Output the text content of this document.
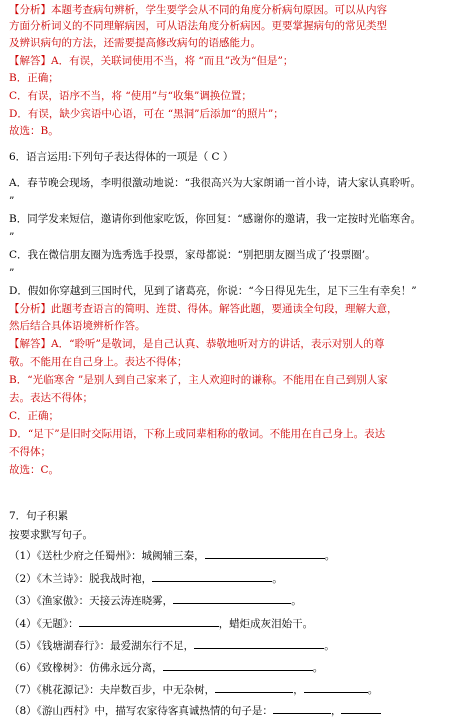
【分析】本题考查病句辨析，学生要学会从不同的角度分析病句原因。可以从内容
方面分析词义的不同理解病因，可从语法角度分析病因。更要掌握病句的常见类型
及辨识病句的方法，还需要提高修改病句的语感能力。
【解答】A．有误，关联词使用不当，将 “而且”改为“但是”；
B．正确；
C．有误，语序不当，将 “使用”与“收集”调换位置；
D．有误，缺少宾语中心语，可在 “黑洞”后添加“的照片”；
故选：B。
6．语言运用:下列句子表达得体的一项是（ C ）
A．春节晚会现场，李明很激动地说：“我很高兴为大家朗诵一首小诗，请大家认真聆听。
”
B．同学发来短信，邀请你到他家吃饭，你回复：“感谢你的邀请，我一定按时光临寒舍。
”
C．我在微信朋友圈为选秀选手投票，家母都说：“别把朋友圈当成了‘投票圈’。
”
D．假如你穿越到三国时代，见到了诸葛亮，你说：“今日得见先生，足下三生有幸矣！”
【分析】此题考查语言的简明、连贯、得体。解答此题，要通读全句段，理解大意，
然后结合具体语境辨析作答。
【解答】A．“聆听”是敬词，是自己认真、恭敬地听对方的讲话，表示对别人的尊
敬。不能用在自己身上。表达不得体；
B．“光临寒舍 ”是别人到自己家来了，主人欢迎时的谦称。不能用在自己到别人家
去。表达不得体；
C．正确；
D．“足下”是旧时交际用语，下称上或同辈相称的敬词。不能用在自己身上。表达
不得体；
故选：C。
7．句子积累
按要求默写句子。
（1）《送杜少府之任蜀州》：城阙辅三秦，	。
（2）《木兰诗》：脱我战时袍，	。
（3）《渔家傲》：天接云涛连晓雾，	。
（4）《无题》：	，蜡炬成灰泪始干。
（5）《钱塘湖春行》：最爱湖东行不足，	。
（6）《致橡树》：仿佛永远分离，	。
（7）《桃花源记》：夫岸数百步，中无杂树，	，	。
（8）《游山西村》中，描写农家待客真诚热情的句子是：	，
